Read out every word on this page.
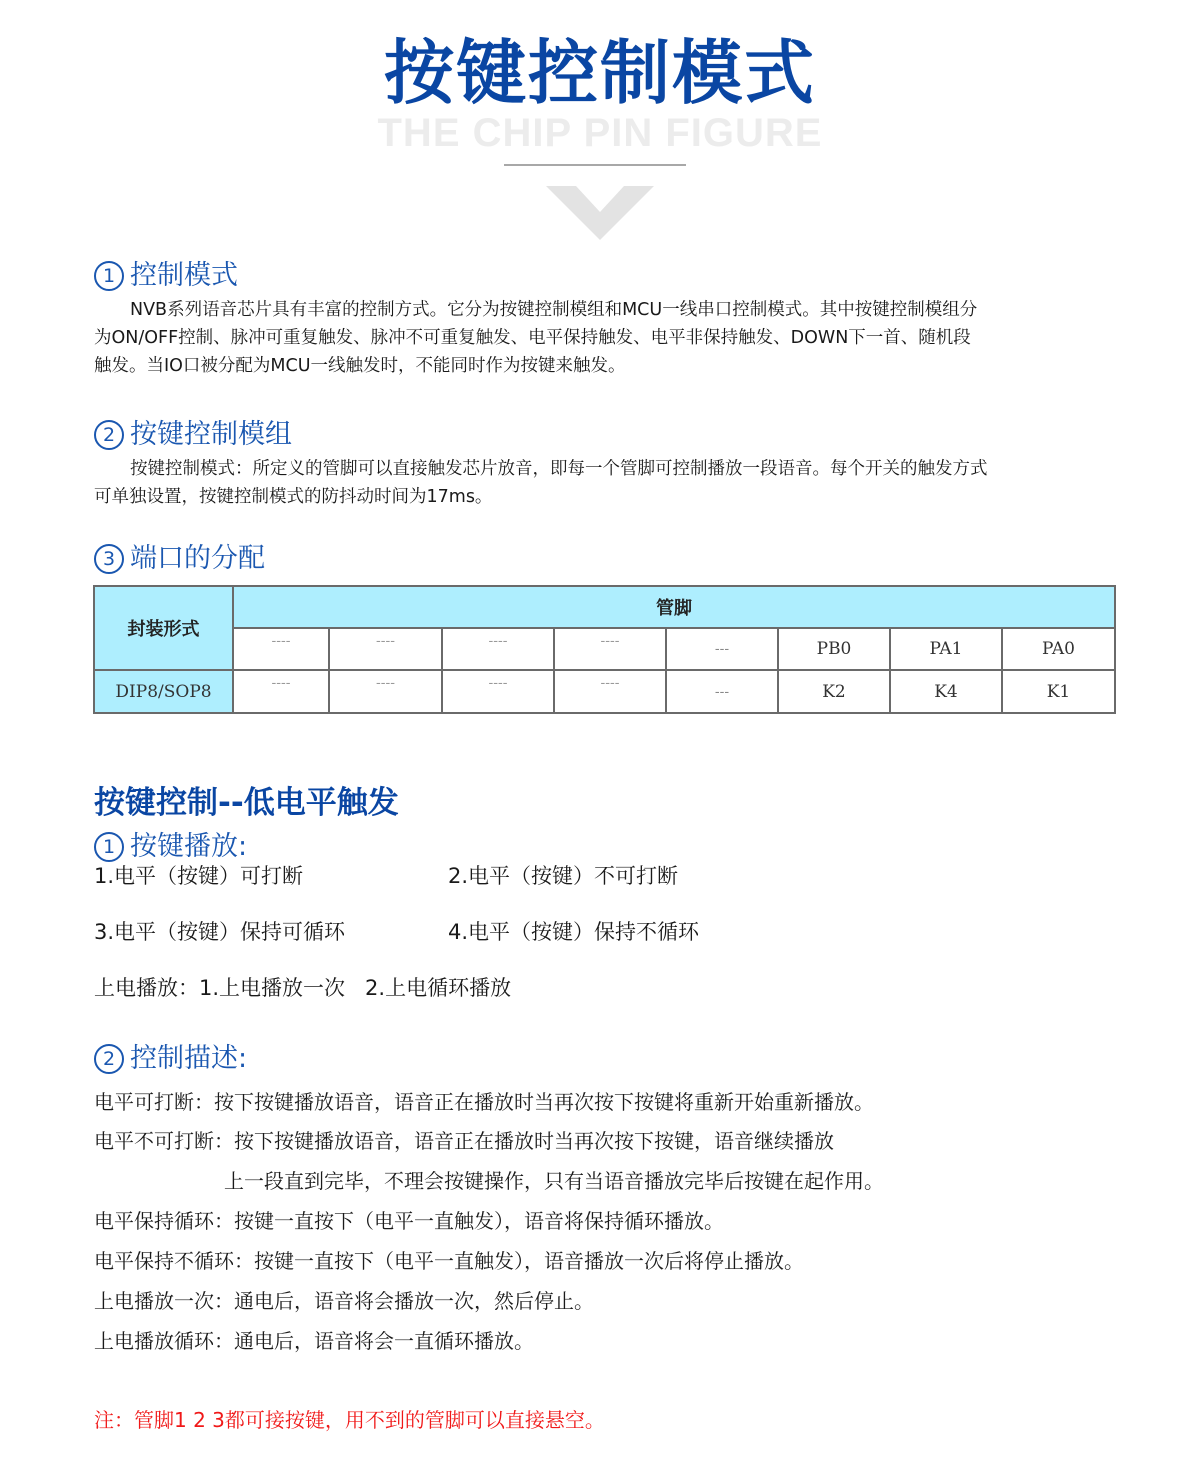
按键控制模式
THE CHIP PIN FIGURE
1 控制模式
NVB系列语音芯片具有丰富的控制方式。它分为按键控制模组和MCU一线串口控制模式。其中按键控制模组分
为ON/OFF控制、脉冲可重复触发、脉冲不可重复触发、电平保持触发、电平非保持触发、DOWN下一首、随机段
触发。当IO口被分配为MCU一线触发时，不能同时作为按键来触发。
2 按键控制模组
按键控制模式：所定义的管脚可以直接触发芯片放音，即每一个管脚可控制播放一段语音。每个开关的触发方式
可单独设置，按键控制模式的防抖动时间为17ms。
3 端口的分配
封装形式	管脚							
	----	----	----	----	---	PB0	PA1	PA0
DIP8/SOP8	----	----	----	----	---	K2	K4	K1
按键控制--低电平触发
1 按键播放:
1.电平（按键）可打断	2.电平（按键）不可打断
3.电平（按键）保持可循环	4.电平（按键）保持不循环
上电播放：1.上电播放一次   2.上电循环播放
2 控制描述:
电平可打断：按下按键播放语音，语音正在播放时当再次按下按键将重新开始重新播放。
电平不可打断：按下按键播放语音，语音正在播放时当再次按下按键，语音继续播放
上一段直到完毕，不理会按键操作，只有当语音播放完毕后按键在起作用。
电平保持循环：按键一直按下（电平一直触发），语音将保持循环播放。
电平保持不循环：按键一直按下（电平一直触发），语音播放一次后将停止播放。
上电播放一次：通电后，语音将会播放一次，然后停止。
上电播放循环：通电后，语音将会一直循环播放。
注：管脚1 2 3都可接按键，用不到的管脚可以直接悬空。
